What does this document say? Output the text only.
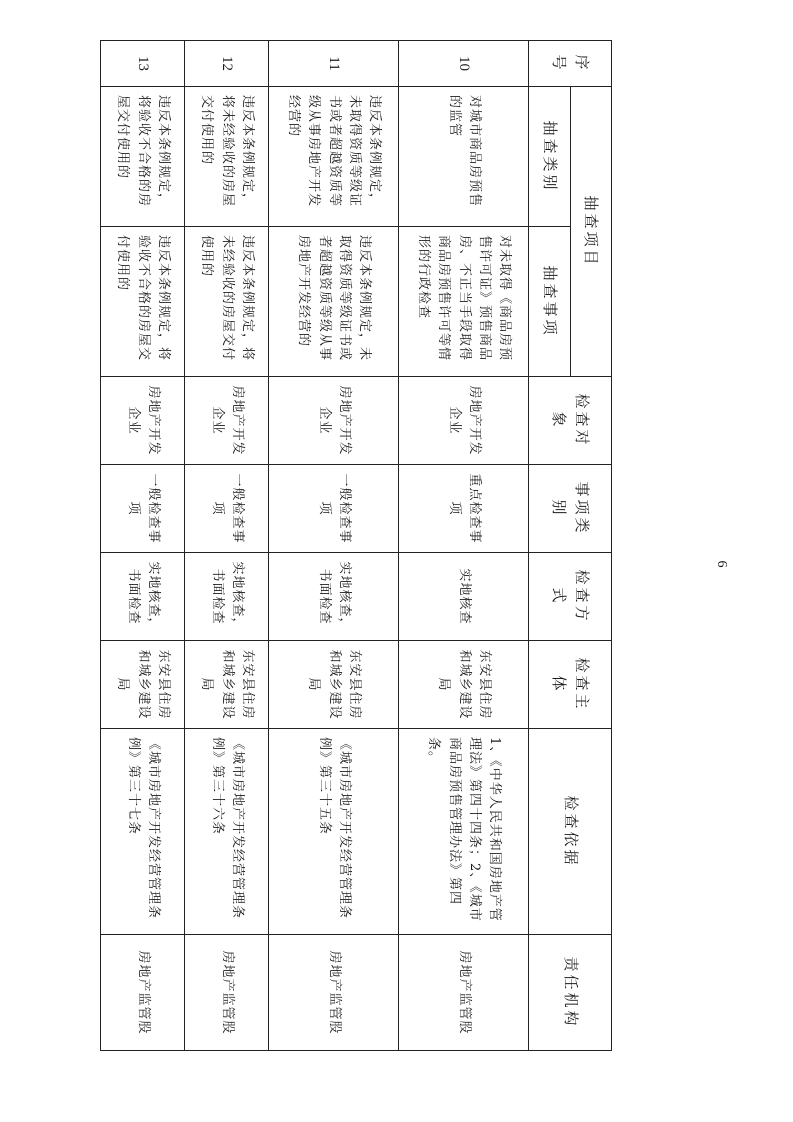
序号	抽查项目		检查对象	事项类别	检查方式	检查主体	检查依据	责任机构
	抽查类别	抽查事项						
10	对城市商品房预售的监管	对未取得《商品房预售许可证》预售商品房、不正当手段取得商品房预售许可等情形的行政检查	房地产开发企业	重点检查事项	实地核查	东安县住房和城乡建设局	1、《中华人民共和国房地产管理法》第四十四条；2、《城市商品房预售管理办法》第四条。	房地产监管股
11	违反本条例规定，未取得资质等级证书或者超越资质等级从事房地产开发经营的	违反本条例规定，未取得资质等级证书或者超越资质等级从事房地产开发经营的	房地产开发企业	一般检查事项	实地核查，书面检查	东安县住房和城乡建设局	《城市房地产开发经营管理条例》第三十五条	房地产监管股
12	违反本条例规定，将未经验收的房屋交付使用的	违反本条例规定，将未经验收的房屋交付使用的	房地产开发企业	一般检查事项	实地核查，书面检查	东安县住房和城乡建设局	《城市房地产开发经营管理条例》第三十六条	房地产监管股
13	违反本条例规定，将验收不合格的房屋交付使用的	违反本条例规定，将验收不合格的房屋交付使用的	房地产开发企业	一般检查事项	实地核查，书面检查	东安县住房和城乡建设局	《城市房地产开发经营管理条例》第三十七条	房地产监管股
6
